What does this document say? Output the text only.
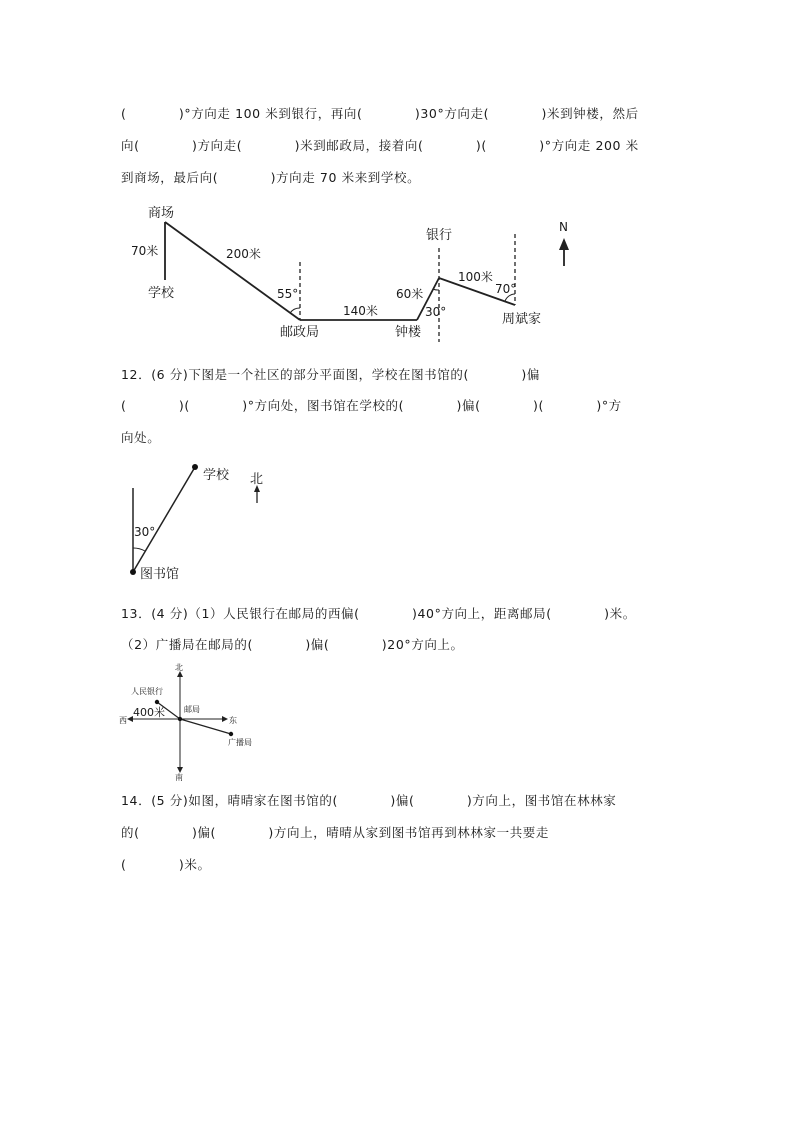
(　　　　)°方向走 100 米到银行，再向(　　　　)30°方向走(　　　　)米到钟楼，然后
向(　　　　)方向走(　　　　)米到邮政局，接着向(　　　　)(　　　　)°方向走 200 米
到商场，最后向(　　　　)方向走 70 米来到学校。
商场
学校
70米	200米
55°
邮政局
140米
钟楼
60米
30°
银行
100米
70°
周斌家
N
12．(6 分)下图是一个社区的部分平面图，学校在图书馆的(　　　　)偏
(　　　　)(　　　　)°方向处，图书馆在学校的(　　　　)偏(　　　　)(　　　　)°方
向处。
学校
图书馆
30°
北
13．(4 分)（1）人民银行在邮局的西偏(　　　　)40°方向上，距离邮局(　　　　)米。
（2）广播局在邮局的(　　　　)偏(　　　　)20°方向上。
北
南
东
西
人民银行
邮局
广播局
400米
14．(5 分)如图，晴晴家在图书馆的(　　　　)偏(　　　　)方向上，图书馆在林林家
的(　　　　)偏(　　　　)方向上，晴晴从家到图书馆再到林林家一共要走
(　　　　)米。
